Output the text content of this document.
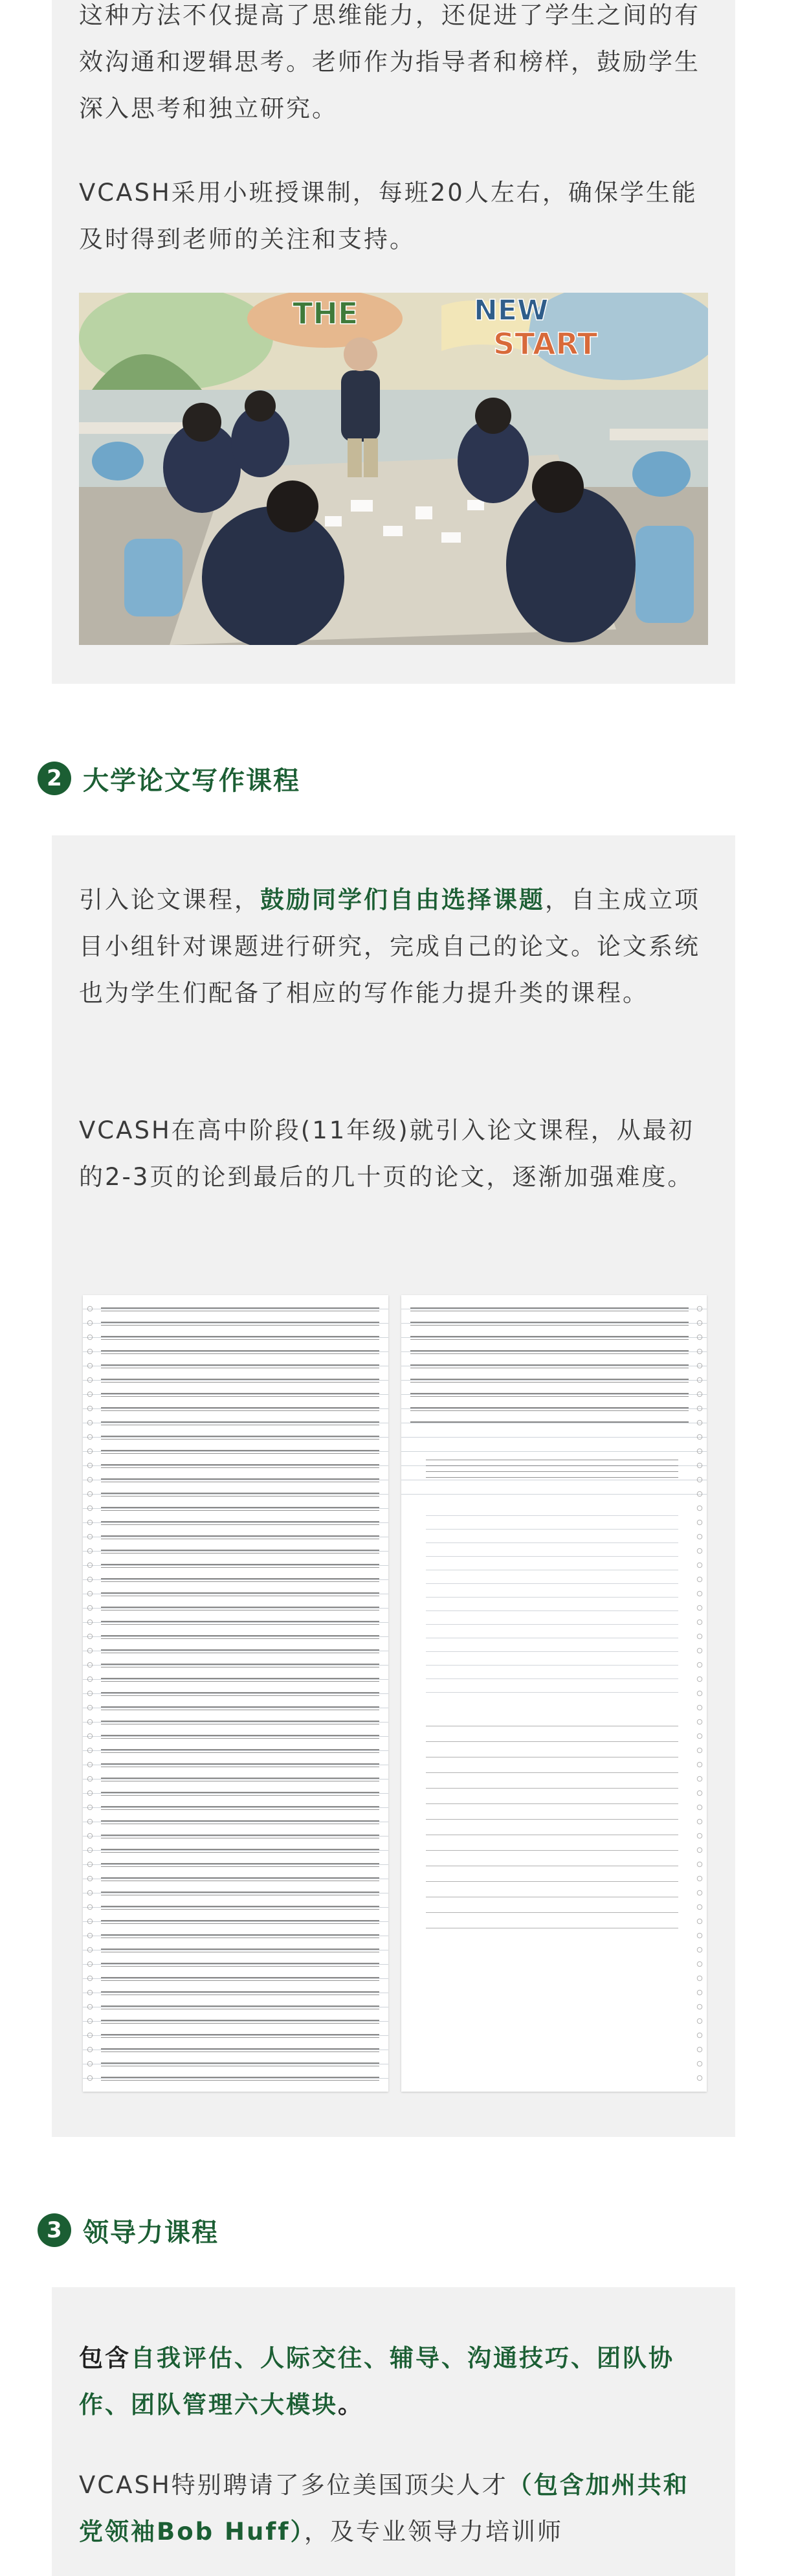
这种方法不仅提高了思维能力，还促进了学生之间的有效沟通和逻辑思考。老师作为指导者和榜样，鼓励学生深入思考和独立研究。

VCASH采用小班授课制，每班20人左右，确保学生能及时得到老师的关注和支持。

THE	NEW
START
2 大学论文写作课程

引入论文课程，鼓励同学们自由选择课题，自主成立项目小组针对课题进行研究，完成自己的论文。论文系统也为学生们配备了相应的写作能力提升类的课程。

VCASH在高中阶段(11年级)就引入论文课程，从最初的2-3页的论到最后的几十页的论文，逐渐加强难度。

3 领导力课程

包含自我评估、人际交往、辅导、沟通技巧、团队协作、团队管理六大模块。

VCASH特别聘请了多位美国顶尖人才（包含加州共和党领袖Bob Huff），及专业领导力培训师
